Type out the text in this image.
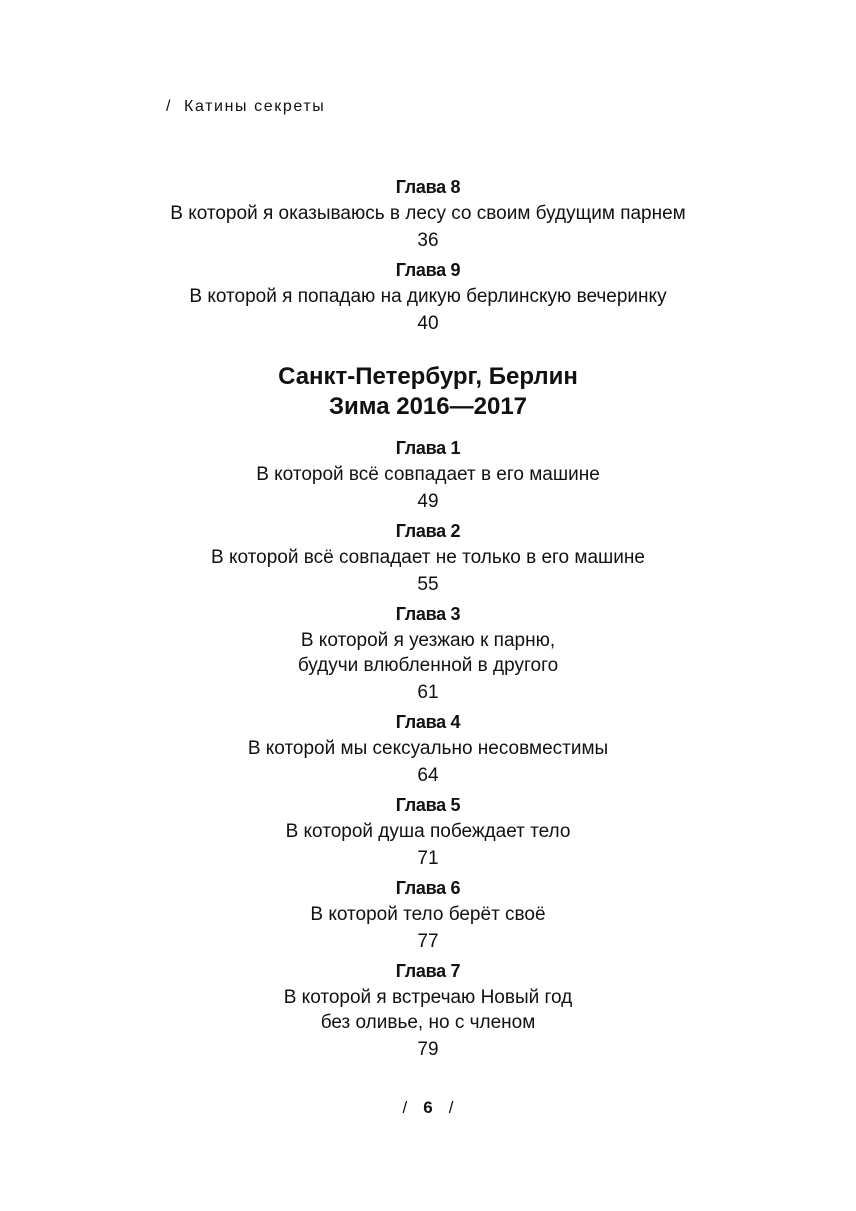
/ Катины секреты
Глава 8
В которой я оказываюсь в лесу со своим будущим парнем
36
Глава 9
В которой я попадаю на дикую берлинскую вечеринку
40
Санкт-Петербург, Берлин
Зима 2016—2017
Глава 1
В которой всё совпадает в его машине
49
Глава 2
В которой всё совпадает не только в его машине
55
Глава 3
В которой я уезжаю к парню,
будучи влюбленной в другого
61
Глава 4
В которой мы сексуально несовместимы
64
Глава 5
В которой душа побеждает тело
71
Глава 6
В которой тело берёт своё
77
Глава 7
В которой я встречаю Новый год
без оливье, но с членом
79
/ 6 /
